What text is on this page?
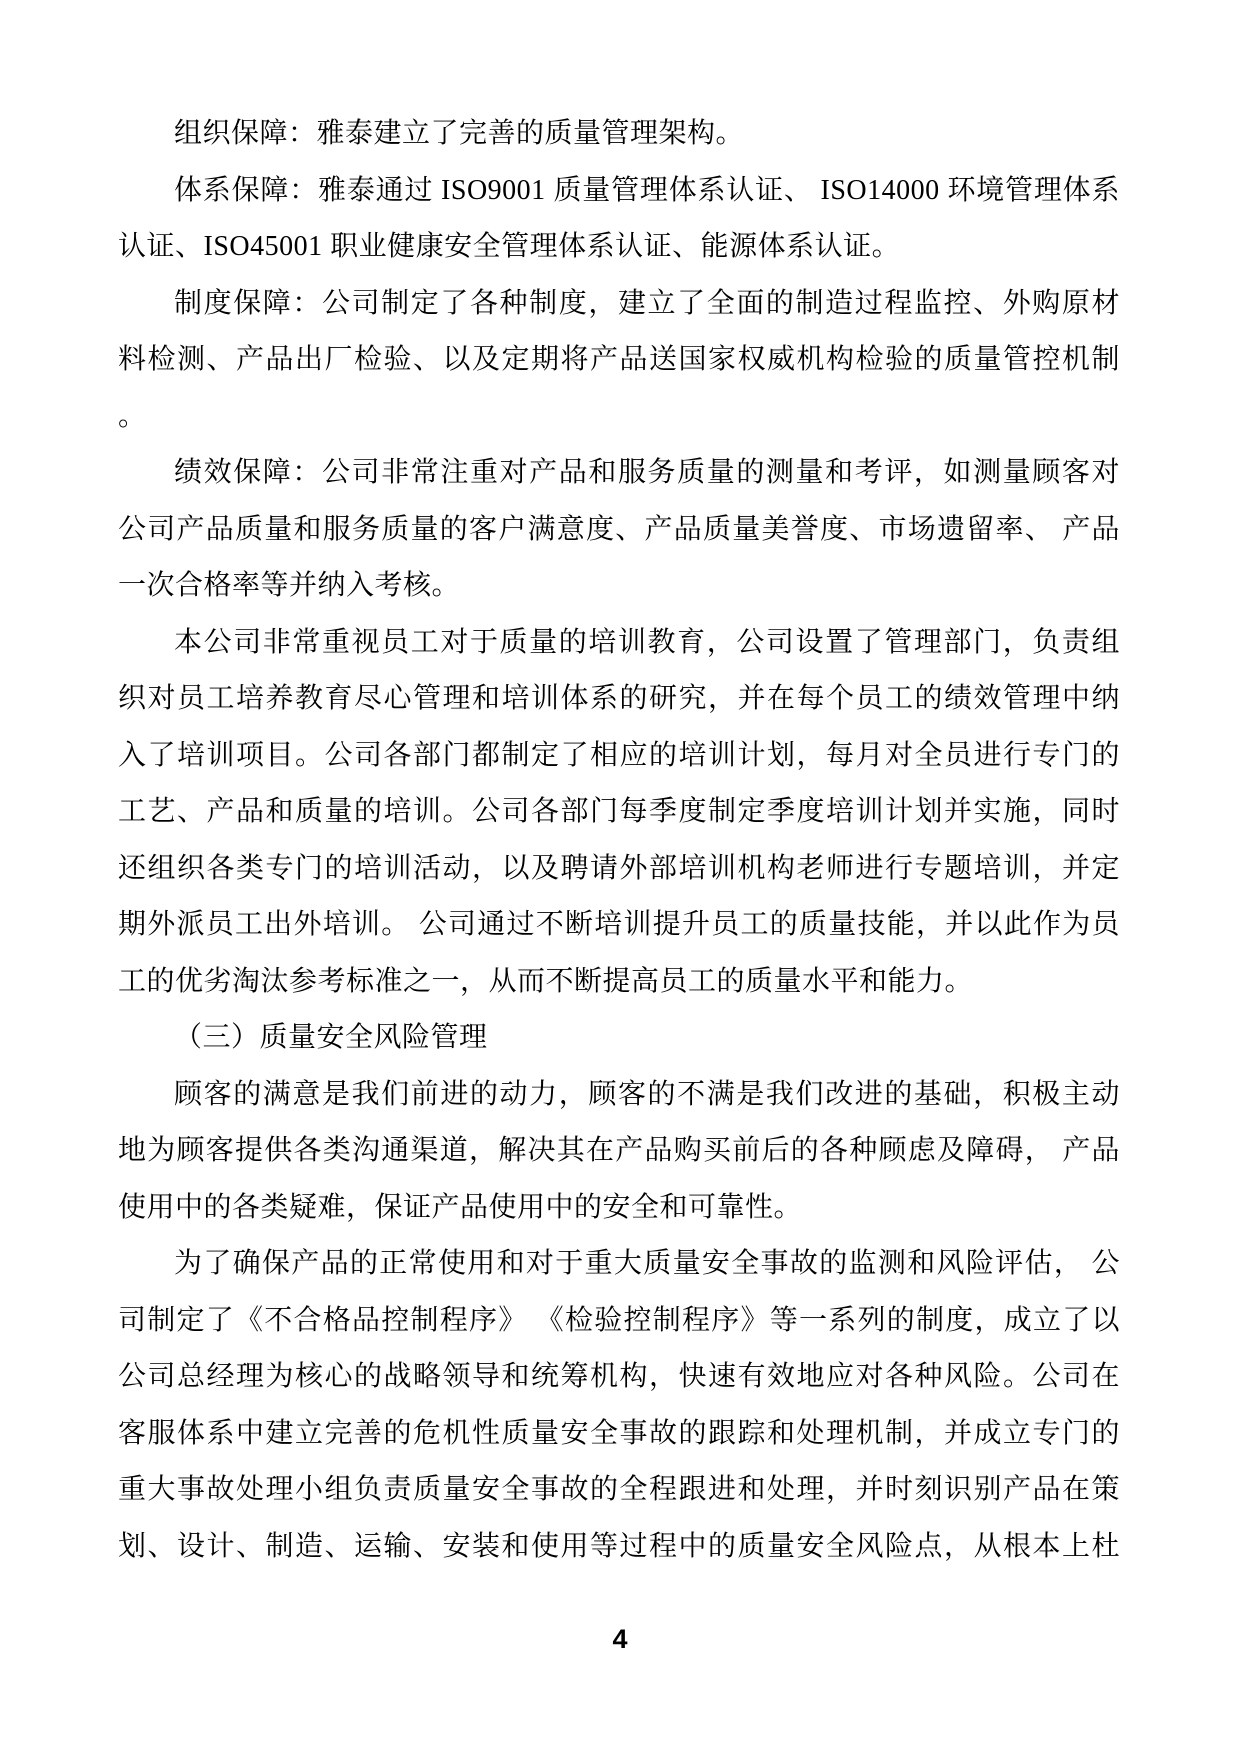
组织保障：雅泰建立了完善的质量管理架构。
体系保障：雅泰通过 ISO9001 质量管理体系认证、 ISO14000 环境管理体系
认证、ISO45001 职业健康安全管理体系认证、能源体系认证。
制度保障：公司制定了各种制度，建立了全面的制造过程监控、外购原材
料检测、产品出厂检验、以及定期将产品送国家权威机构检验的质量管控机制
。
绩效保障：公司非常注重对产品和服务质量的测量和考评，如测量顾客对
公司产品质量和服务质量的客户满意度、产品质量美誉度、市场遗留率、 产品
一次合格率等并纳入考核。
本公司非常重视员工对于质量的培训教育，公司设置了管理部门，负责组
织对员工培养教育尽心管理和培训体系的研究，并在每个员工的绩效管理中纳
入了培训项目。公司各部门都制定了相应的培训计划，每月对全员进行专门的
工艺、产品和质量的培训。公司各部门每季度制定季度培训计划并实施，同时
还组织各类专门的培训活动，以及聘请外部培训机构老师进行专题培训，并定
期外派员工出外培训。 公司通过不断培训提升员工的质量技能，并以此作为员
工的优劣淘汰参考标准之一，从而不断提高员工的质量水平和能力。
（三）质量安全风险管理
顾客的满意是我们前进的动力，顾客的不满是我们改进的基础，积极主动
地为顾客提供各类沟通渠道，解决其在产品购买前后的各种顾虑及障碍， 产品
使用中的各类疑难，保证产品使用中的安全和可靠性。
为了确保产品的正常使用和对于重大质量安全事故的监测和风险评估， 公
司制定了《不合格品控制程序》 《检验控制程序》等一系列的制度，成立了以
公司总经理为核心的战略领导和统筹机构，快速有效地应对各种风险。公司在
客服体系中建立完善的危机性质量安全事故的跟踪和处理机制，并成立专门的
重大事故处理小组负责质量安全事故的全程跟进和处理，并时刻识别产品在策
划、设计、制造、运输、安装和使用等过程中的质量安全风险点，从根本上杜
4
